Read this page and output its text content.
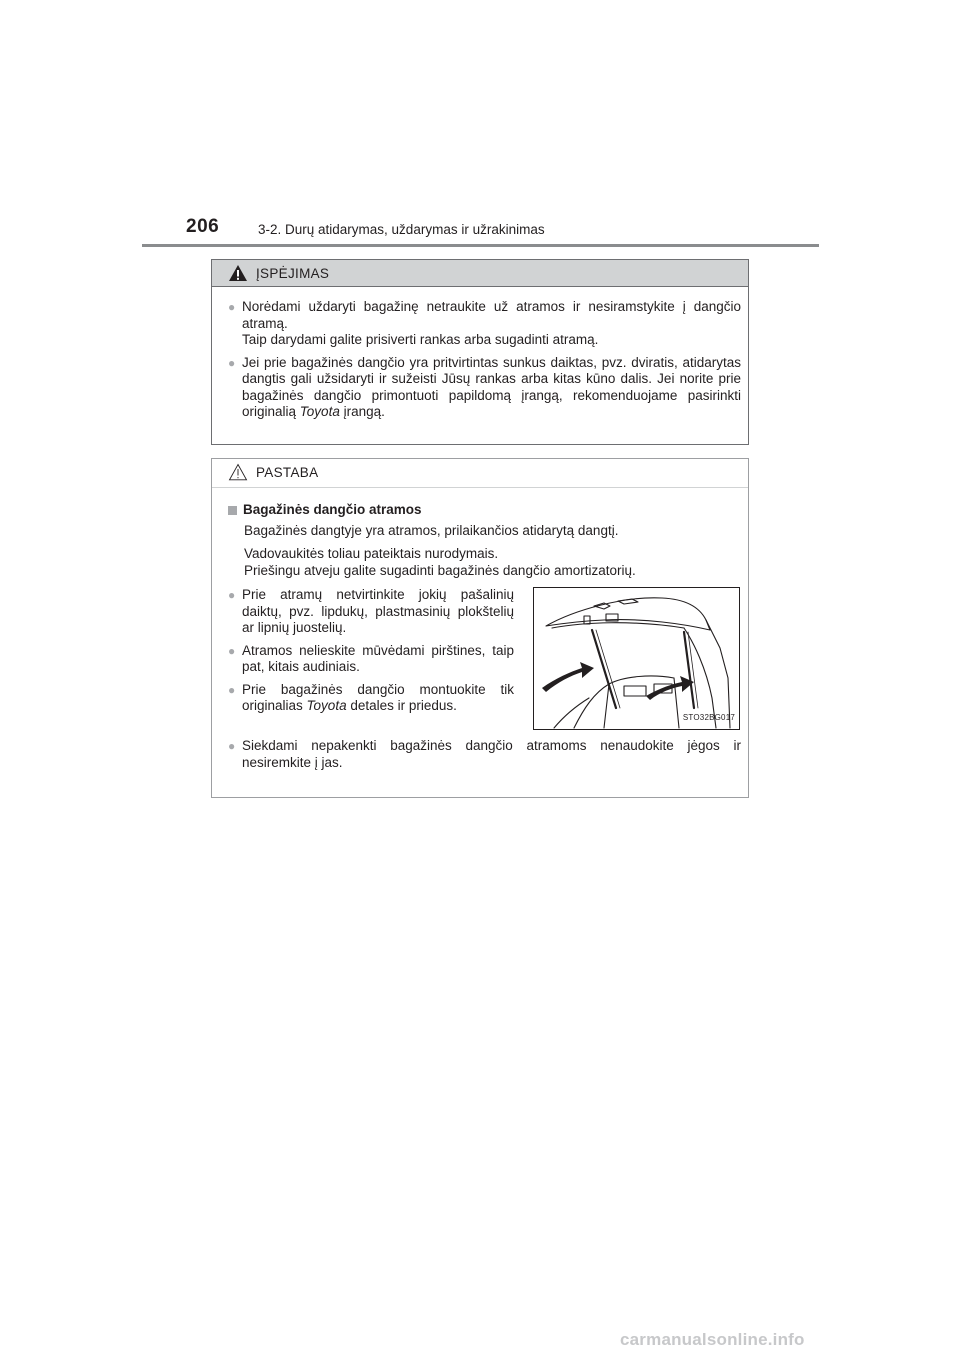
206	3-2. Durų atidarymas, uždarymas ir užrakinimas
ĮSPĖJIMAS
● Norėdami uždaryti bagažinę netraukite už atramos ir nesiramstykite į dangčio atramą.

Taip darydami galite prisiverti rankas arba sugadinti atramą.

● Jei prie bagažinės dangčio yra pritvirtintas sunkus daiktas, pvz. dviratis, atidarytas dangtis gali užsidaryti ir sužeisti Jūsų rankas arba kitas kūno dalis. Jei norite prie bagažinės dangčio primontuoti papildomą įrangą, rekomenduojame pasirinkti originalią Toyota įrangą.
PASTABA
Bagažinės dangčio atramos

Bagažinės dangtyje yra atramos, prilaikančios atidarytą dangtį.

Vadovaukitės toliau pateiktais nurodymais.

Priešingu atveju galite sugadinti bagažinės dangčio amortizatorių.

● Prie atramų netvirtinkite jokių pašalinių daiktų, pvz. lipdukų, plastmasinių plokštelių ar lipnių juostelių.
● Atramos nelieskite mūvėdami pirštines, taip pat, kitais audiniais.
● Prie bagažinės dangčio montuokite tik originalias Toyota detales ir priedus.
STO32BG017
● Siekdami nepakenkti bagažinės dangčio atramoms nenaudokite jėgos ir nesiremkite į jas.
carmanualsonline.info
